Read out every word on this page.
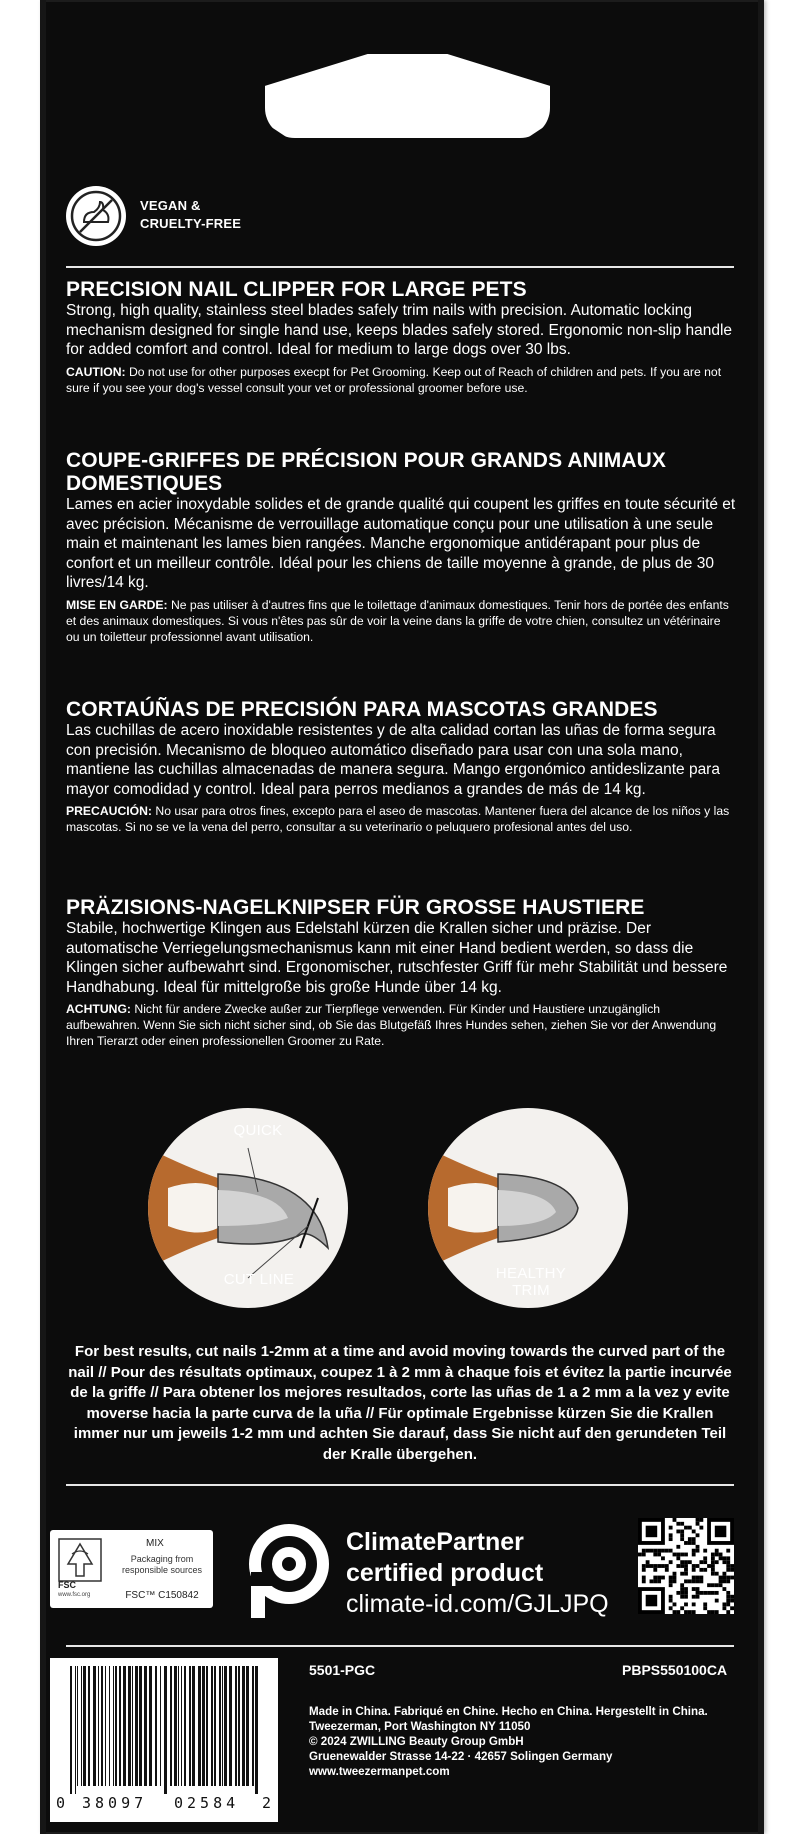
VEGAN &
CRUELTY-FREE
PRECISION NAIL CLIPPER FOR LARGE PETS

Strong, high quality, stainless steel blades safely trim nails with precision. Automatic locking mechanism designed for single hand use, keeps blades safely stored. Ergonomic non-slip handle for added comfort and control. Ideal for medium to large dogs over 30 lbs.

CAUTION: Do not use for other purposes execpt for Pet Grooming. Keep out of Reach of children and pets. If you are not sure if you see your dog's vessel consult your vet or professional groomer before use.

COUPE-GRIFFES DE PRÉCISION POUR GRANDS ANIMAUX DOMESTIQUES

Lames en acier inoxydable solides et de grande qualité qui coupent les griffes en toute sécurité et avec précision. Mécanisme de verrouillage automatique conçu pour une utilisation à une seule main et maintenant les lames bien rangées. Manche ergonomique antidérapant pour plus de confort et un meilleur contrôle. Idéal pour les chiens de taille moyenne à grande, de plus de 30 livres/14 kg.

MISE EN GARDE: Ne pas utiliser à d'autres fins que le toilettage d'animaux domestiques. Tenir hors de portée des enfants et des animaux domestiques. Si vous n'êtes pas sûr de voir la veine dans la griffe de votre chien, consultez un vétérinaire ou un toiletteur professionnel avant utilisation.

CORTAÚÑAS DE PRECISIÓN PARA MASCOTAS GRANDES

Las cuchillas de acero inoxidable resistentes y de alta calidad cortan las uñas de forma segura con precisión. Mecanismo de bloqueo automático diseñado para usar con una sola mano, mantiene las cuchillas almacenadas de manera segura. Mango ergonómico antideslizante para mayor comodidad y control. Ideal para perros medianos a grandes de más de 14 kg.

PRECAUCIÓN: No usar para otros fines, excepto para el aseo de mascotas. Mantener fuera del alcance de los niños y las mascotas. Si no se ve la vena del perro, consultar a su veterinario o peluquero profesional antes del uso.

PRÄZISIONS-NAGELKNIPSER FÜR GROSSE HAUSTIERE

Stabile, hochwertige Klingen aus Edelstahl kürzen die Krallen sicher und präzise. Der automatische Verriegelungsmechanismus kann mit einer Hand bedient werden, so dass die Klingen sicher aufbewahrt sind. Ergonomischer, rutschfester Griff für mehr Stabilität und bessere Handhabung. Ideal für mittelgroße bis große Hunde über 14 kg.

ACHTUNG: Nicht für andere Zwecke außer zur Tierpflege verwenden. Für Kinder und Haustiere unzugänglich aufbewahren. Wenn Sie sich nicht sicher sind, ob Sie das Blutgefäß Ihres Hundes sehen, ziehen Sie vor der Anwendung Ihren Tierarzt oder einen professionellen Groomer zu Rate.

QUICK
CUT LINE	HEALTHY
TRIM
For best results, cut nails 1-2mm at a time and avoid moving towards the curved part of the nail // Pour des résultats optimaux, coupez 1 à 2 mm à chaque fois et évitez la partie incurvée de la griffe // Para obtener los mejores resultados, corte las uñas de 1 a 2 mm a la vez y evite moverse hacia la parte curva de la uña // Für optimale Ergebnisse kürzen Sie die Krallen immer nur um jeweils 1-2 mm und achten Sie darauf, dass Sie nicht auf den gerundeten Teil der Kralle übergehen.
FSC
www.fsc.org
MIX
Packaging from responsible sources
FSC™ C150842
ClimatePartner
certified product
climate-id.com/GJLJPQ
5501-PGC	PBPS550100CA
0 38097 02584 2
Made in China. Fabriqué en Chine. Hecho en China. Hergestellt in China.
Tweezerman, Port Washington NY 11050
© 2024 ZWILLING Beauty Group GmbH
Gruenewalder Strasse 14-22 · 42657 Solingen Germany
www.tweezermanpet.com
